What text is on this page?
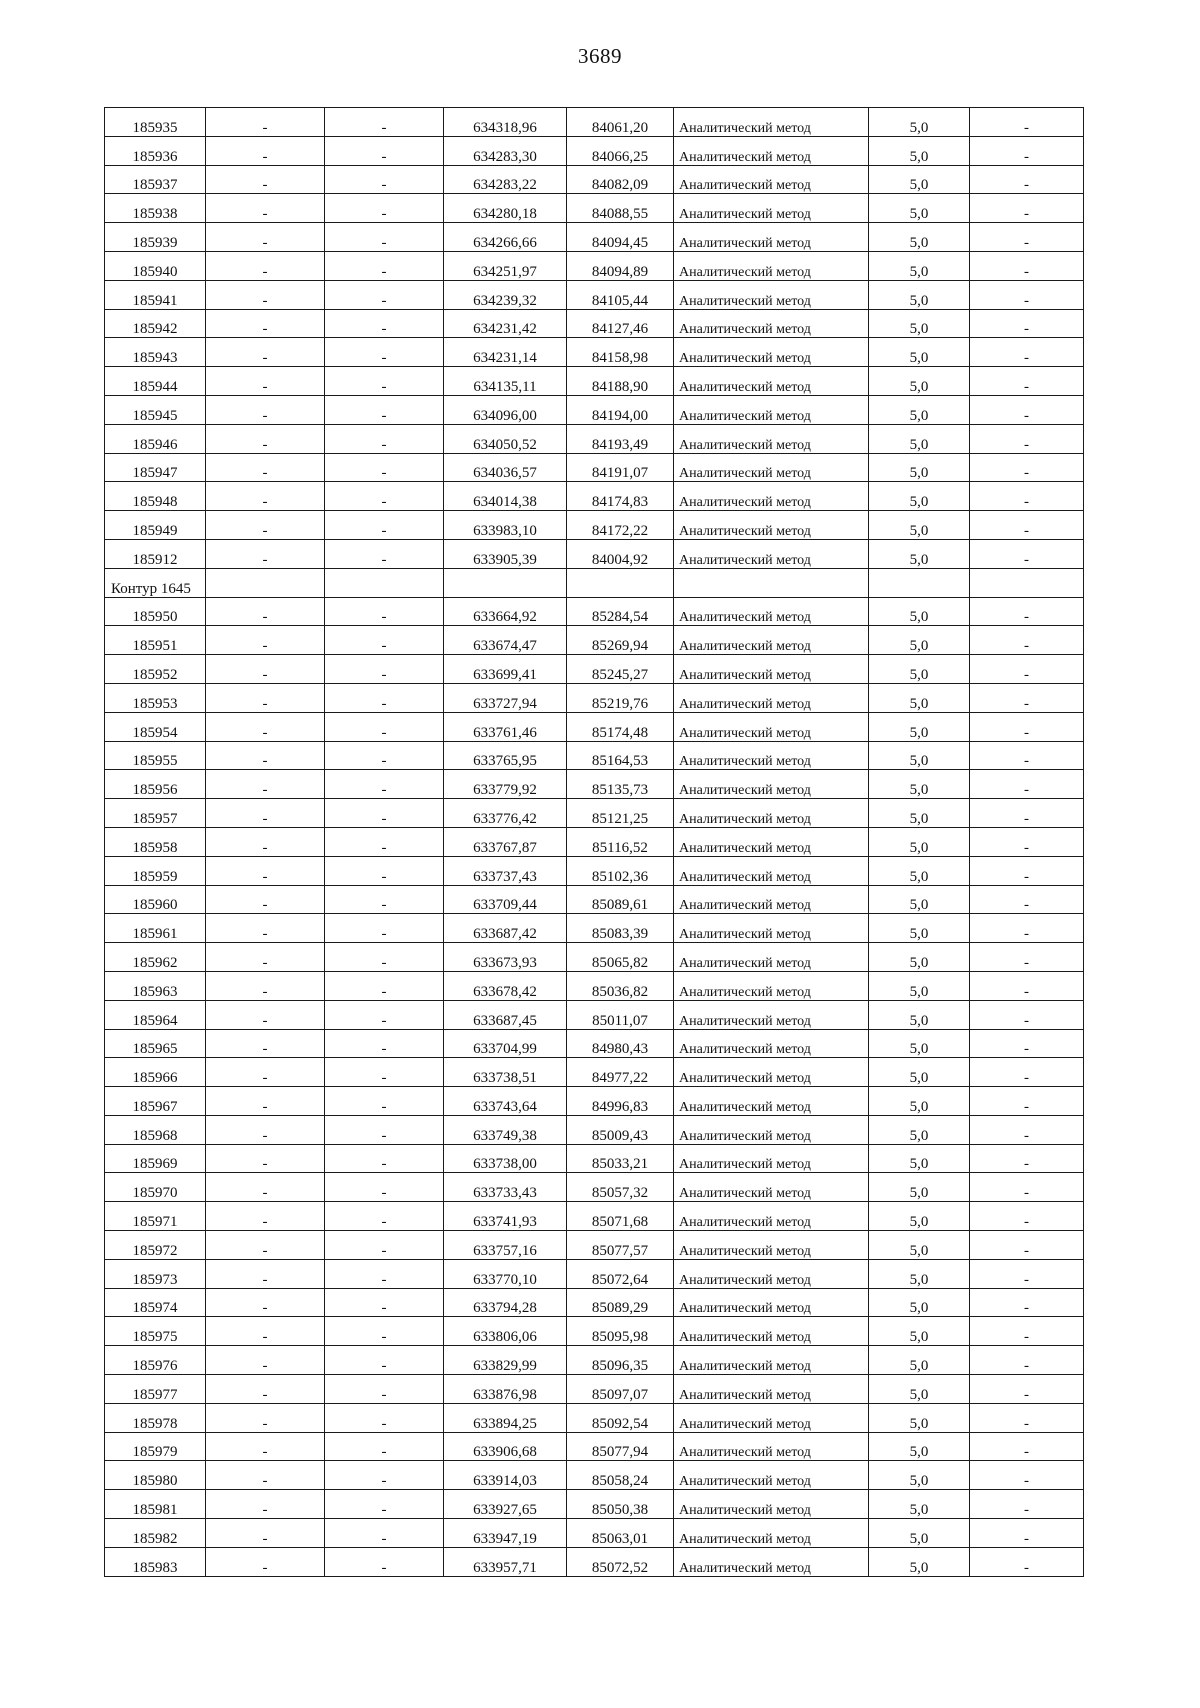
3689
185935	-	-	634318,96	84061,20	Аналитический метод	5,0	-
185936	-	-	634283,30	84066,25	Аналитический метод	5,0	-
185937	-	-	634283,22	84082,09	Аналитический метод	5,0	-
185938	-	-	634280,18	84088,55	Аналитический метод	5,0	-
185939	-	-	634266,66	84094,45	Аналитический метод	5,0	-
185940	-	-	634251,97	84094,89	Аналитический метод	5,0	-
185941	-	-	634239,32	84105,44	Аналитический метод	5,0	-
185942	-	-	634231,42	84127,46	Аналитический метод	5,0	-
185943	-	-	634231,14	84158,98	Аналитический метод	5,0	-
185944	-	-	634135,11	84188,90	Аналитический метод	5,0	-
185945	-	-	634096,00	84194,00	Аналитический метод	5,0	-
185946	-	-	634050,52	84193,49	Аналитический метод	5,0	-
185947	-	-	634036,57	84191,07	Аналитический метод	5,0	-
185948	-	-	634014,38	84174,83	Аналитический метод	5,0	-
185949	-	-	633983,10	84172,22	Аналитический метод	5,0	-
185912	-	-	633905,39	84004,92	Аналитический метод	5,0	-
Контур 1645							
185950	-	-	633664,92	85284,54	Аналитический метод	5,0	-
185951	-	-	633674,47	85269,94	Аналитический метод	5,0	-
185952	-	-	633699,41	85245,27	Аналитический метод	5,0	-
185953	-	-	633727,94	85219,76	Аналитический метод	5,0	-
185954	-	-	633761,46	85174,48	Аналитический метод	5,0	-
185955	-	-	633765,95	85164,53	Аналитический метод	5,0	-
185956	-	-	633779,92	85135,73	Аналитический метод	5,0	-
185957	-	-	633776,42	85121,25	Аналитический метод	5,0	-
185958	-	-	633767,87	85116,52	Аналитический метод	5,0	-
185959	-	-	633737,43	85102,36	Аналитический метод	5,0	-
185960	-	-	633709,44	85089,61	Аналитический метод	5,0	-
185961	-	-	633687,42	85083,39	Аналитический метод	5,0	-
185962	-	-	633673,93	85065,82	Аналитический метод	5,0	-
185963	-	-	633678,42	85036,82	Аналитический метод	5,0	-
185964	-	-	633687,45	85011,07	Аналитический метод	5,0	-
185965	-	-	633704,99	84980,43	Аналитический метод	5,0	-
185966	-	-	633738,51	84977,22	Аналитический метод	5,0	-
185967	-	-	633743,64	84996,83	Аналитический метод	5,0	-
185968	-	-	633749,38	85009,43	Аналитический метод	5,0	-
185969	-	-	633738,00	85033,21	Аналитический метод	5,0	-
185970	-	-	633733,43	85057,32	Аналитический метод	5,0	-
185971	-	-	633741,93	85071,68	Аналитический метод	5,0	-
185972	-	-	633757,16	85077,57	Аналитический метод	5,0	-
185973	-	-	633770,10	85072,64	Аналитический метод	5,0	-
185974	-	-	633794,28	85089,29	Аналитический метод	5,0	-
185975	-	-	633806,06	85095,98	Аналитический метод	5,0	-
185976	-	-	633829,99	85096,35	Аналитический метод	5,0	-
185977	-	-	633876,98	85097,07	Аналитический метод	5,0	-
185978	-	-	633894,25	85092,54	Аналитический метод	5,0	-
185979	-	-	633906,68	85077,94	Аналитический метод	5,0	-
185980	-	-	633914,03	85058,24	Аналитический метод	5,0	-
185981	-	-	633927,65	85050,38	Аналитический метод	5,0	-
185982	-	-	633947,19	85063,01	Аналитический метод	5,0	-
185983	-	-	633957,71	85072,52	Аналитический метод	5,0	-
